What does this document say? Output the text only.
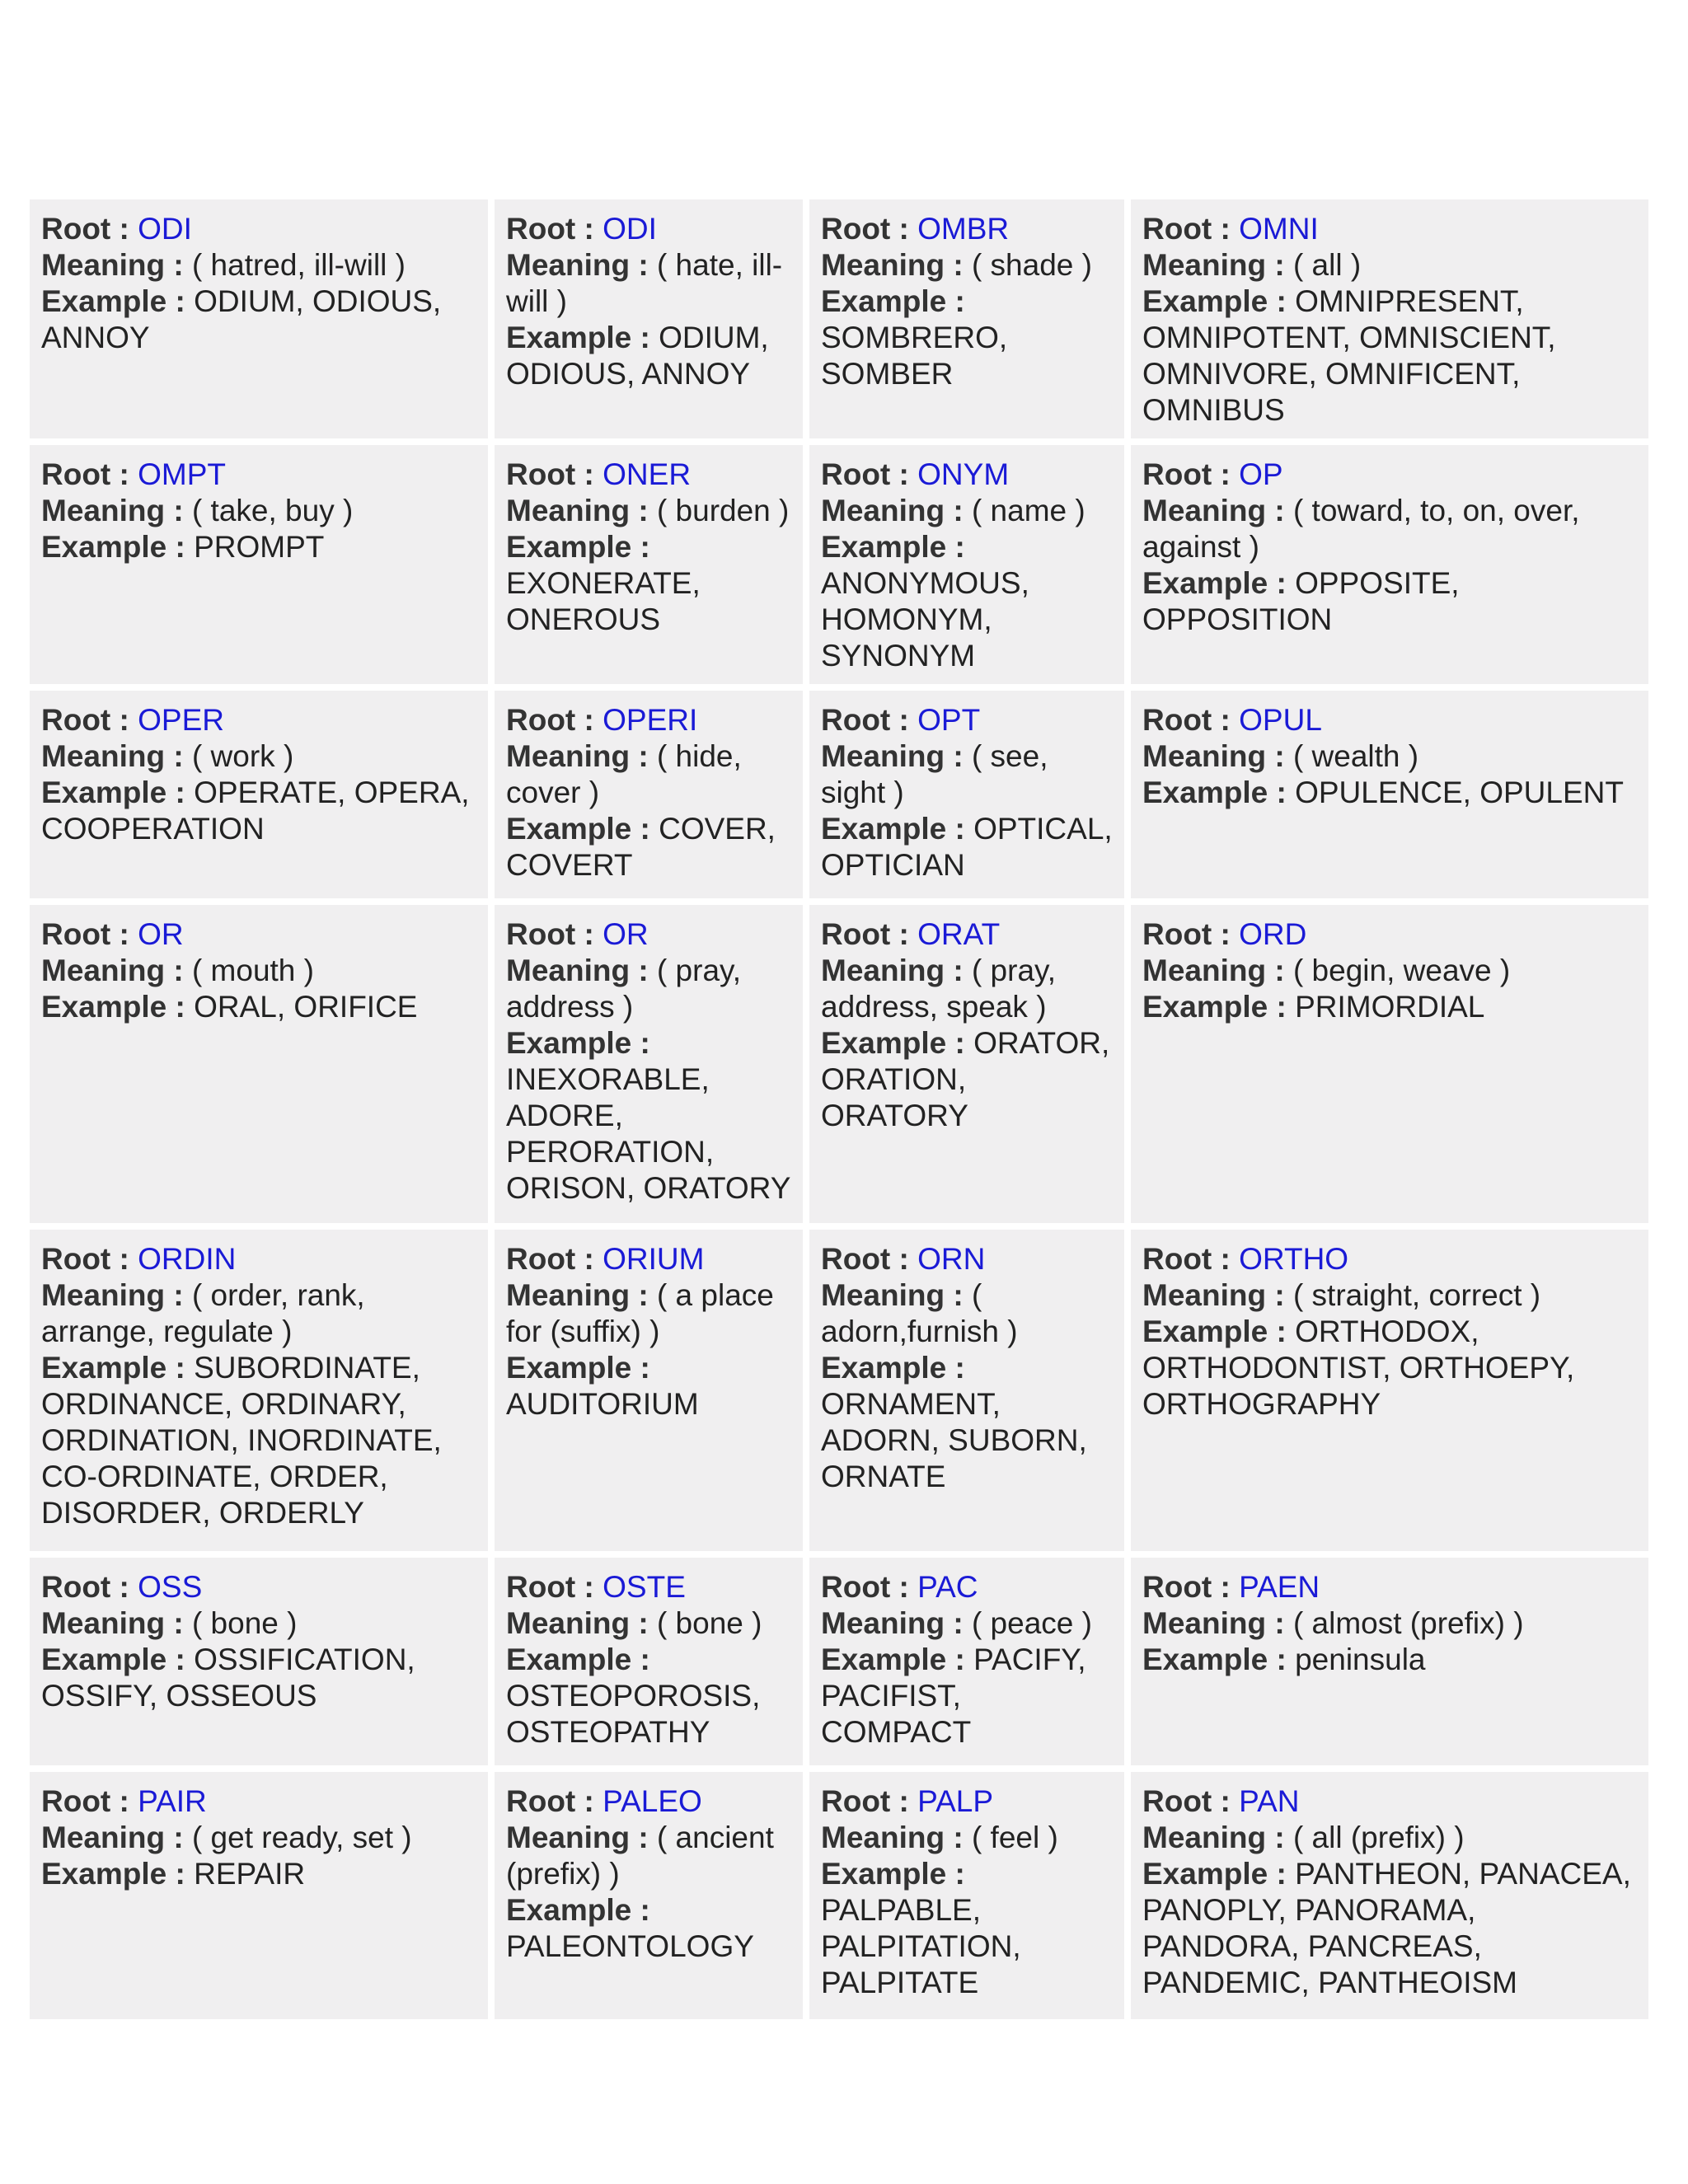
Root : ODI
Meaning : ( hatred, ill-will )
Example : ODIUM, ODIOUS, ANNOY	Root : ODI
Meaning : ( hate, ill-will )
Example : ODIUM, ODIOUS, ANNOY	Root : OMBR
Meaning : ( shade )
Example : SOMBRERO, SOMBER	Root : OMNI
Meaning : ( all )
Example : OMNIPRESENT, OMNIPOTENT, OMNISCIENT, OMNIVORE, OMNIFICENT, OMNIBUS

Root : OMPT
Meaning : ( take, buy )
Example : PROMPT	Root : ONER
Meaning : ( burden )
Example : EXONERATE, ONEROUS	Root : ONYM
Meaning : ( name )
Example : ANONYMOUS, HOMONYM, SYNONYM	Root : OP
Meaning : ( toward, to, on, over, against )
Example : OPPOSITE, OPPOSITION

Root : OPER
Meaning : ( work )
Example : OPERATE, OPERA, COOPERATION	Root : OPERI
Meaning : ( hide, cover )
Example : COVER, COVERT	Root : OPT
Meaning : ( see, sight )
Example : OPTICAL, OPTICIAN	Root : OPUL
Meaning : ( wealth )
Example : OPULENCE, OPULENT

Root : OR
Meaning : ( mouth )
Example : ORAL, ORIFICE	Root : OR
Meaning : ( pray, address )
Example : INEXORABLE, ADORE, PERORATION, ORISON, ORATORY	Root : ORAT
Meaning : ( pray, address, speak )
Example : ORATOR, ORATION, ORATORY	Root : ORD
Meaning : ( begin, weave )
Example : PRIMORDIAL

Root : ORDIN
Meaning : ( order, rank, arrange, regulate )
Example : SUBORDINATE, ORDINANCE, ORDINARY, ORDINATION, INORDINATE, CO-ORDINATE, ORDER, DISORDER, ORDERLY	Root : ORIUM
Meaning : ( a place for (suffix) )
Example : AUDITORIUM	Root : ORN
Meaning : ( adorn,furnish )
Example : ORNAMENT, ADORN, SUBORN, ORNATE	Root : ORTHO
Meaning : ( straight, correct )
Example : ORTHODOX, ORTHODONTIST, ORTHOEPY, ORTHOGRAPHY

Root : OSS
Meaning : ( bone )
Example : OSSIFICATION, OSSIFY, OSSEOUS	Root : OSTE
Meaning : ( bone )
Example : OSTEOPOROSIS, OSTEOPATHY	Root : PAC
Meaning : ( peace )
Example : PACIFY, PACIFIST, COMPACT	Root : PAEN
Meaning : ( almost (prefix) )
Example : peninsula

Root : PAIR
Meaning : ( get ready, set )
Example : REPAIR	Root : PALEO
Meaning : ( ancient (prefix) )
Example : PALEONTOLOGY	Root : PALP
Meaning : ( feel )
Example : PALPABLE, PALPITATION, PALPITATE	Root : PAN
Meaning : ( all (prefix) )
Example : PANTHEON, PANACEA, PANOPLY, PANORAMA, PANDORA, PANCREAS, PANDEMIC, PANTHEOISM
